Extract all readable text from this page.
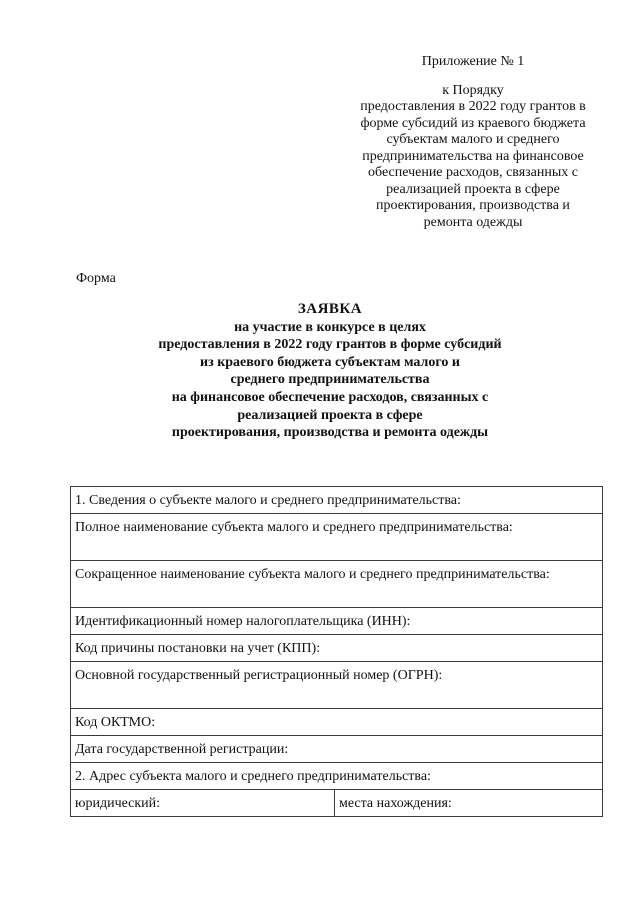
Приложение № 1
к Порядку
предоставления в 2022 году грантов в
форме субсидий из краевого бюджета
субъектам малого и среднего
предпринимательства на финансовое
обеспечение расходов, связанных с
реализацией проекта в сфере
проектирования, производства и
ремонта одежды
Форма
ЗАЯВКА
на участие в конкурсе в целях
предоставления в 2022 году грантов в форме субсидий
из краевого бюджета субъектам малого и
среднего предпринимательства
на финансовое обеспечение расходов, связанных с
реализацией проекта в сфере
проектирования, производства и ремонта одежды
1. Сведения о субъекте малого и среднего предпринимательства:

Полное наименование субъекта малого и среднего предпринимательства:

Сокращенное наименование субъекта малого и среднего предпринимательства:

Идентификационный номер налогоплательщика (ИНН):

Код причины постановки на учет (КПП):

Основной государственный регистрационный номер (ОГРН):

Код ОКТМО:

Дата государственной регистрации:

2. Адрес субъекта малого и среднего предпринимательства:

юридический:	места нахождения:
